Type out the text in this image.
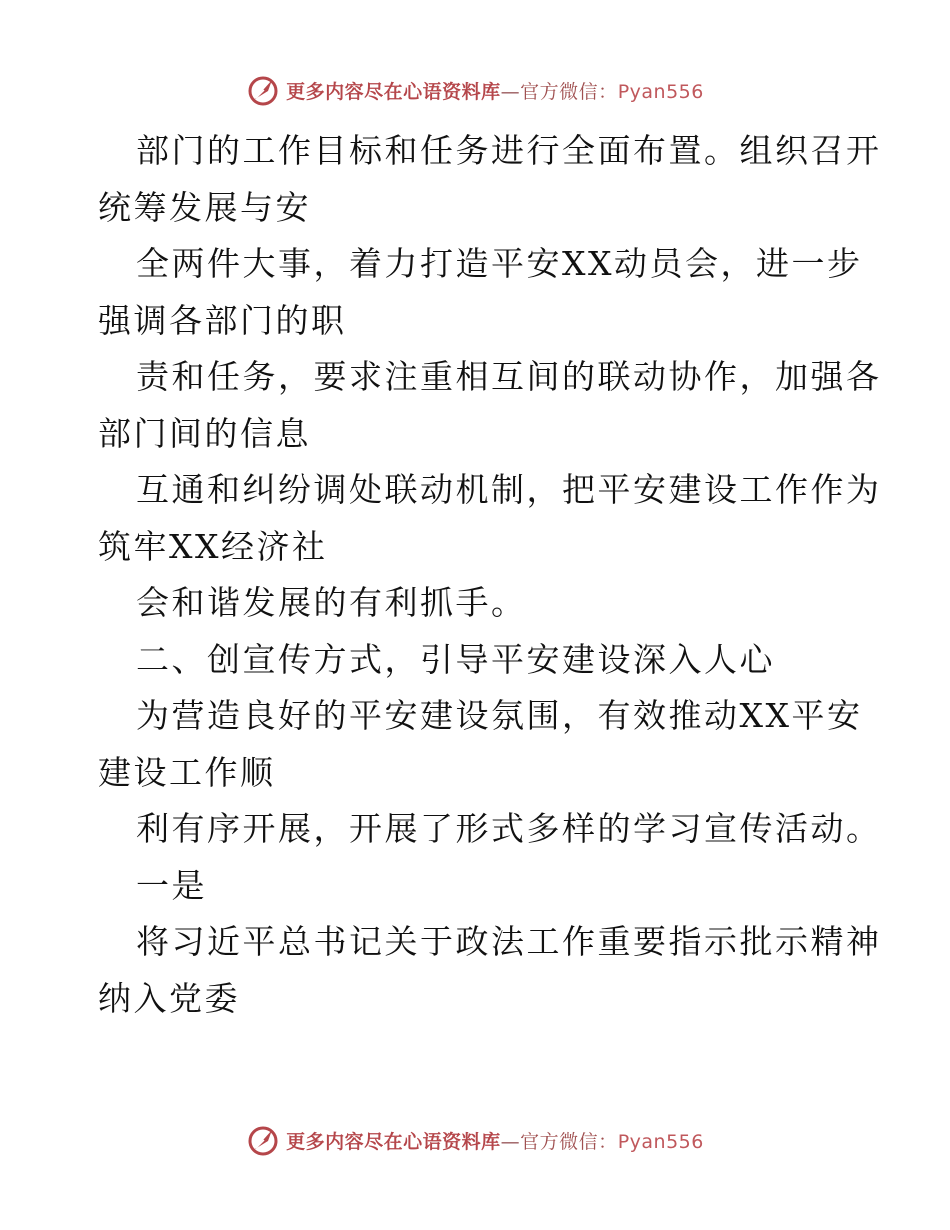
更多内容尽在心语资料库—官方微信：Pyan556
部门的工作目标和任务进行全面布置。组织召开
统筹发展与安
全两件大事，着力打造平安XX动员会，进一步
强调各部门的职
责和任务，要求注重相互间的联动协作，加强各
部门间的信息
互通和纠纷调处联动机制，把平安建设工作作为
筑牢XX经济社
会和谐发展的有利抓手。
二、创宣传方式，引导平安建设深入人心
为营造良好的平安建设氛围，有效推动XX平安
建设工作顺
利有序开展，开展了形式多样的学习宣传活动。
一是
将习近平总书记关于政法工作重要指示批示精神
纳入党委
更多内容尽在心语资料库—官方微信：Pyan556
